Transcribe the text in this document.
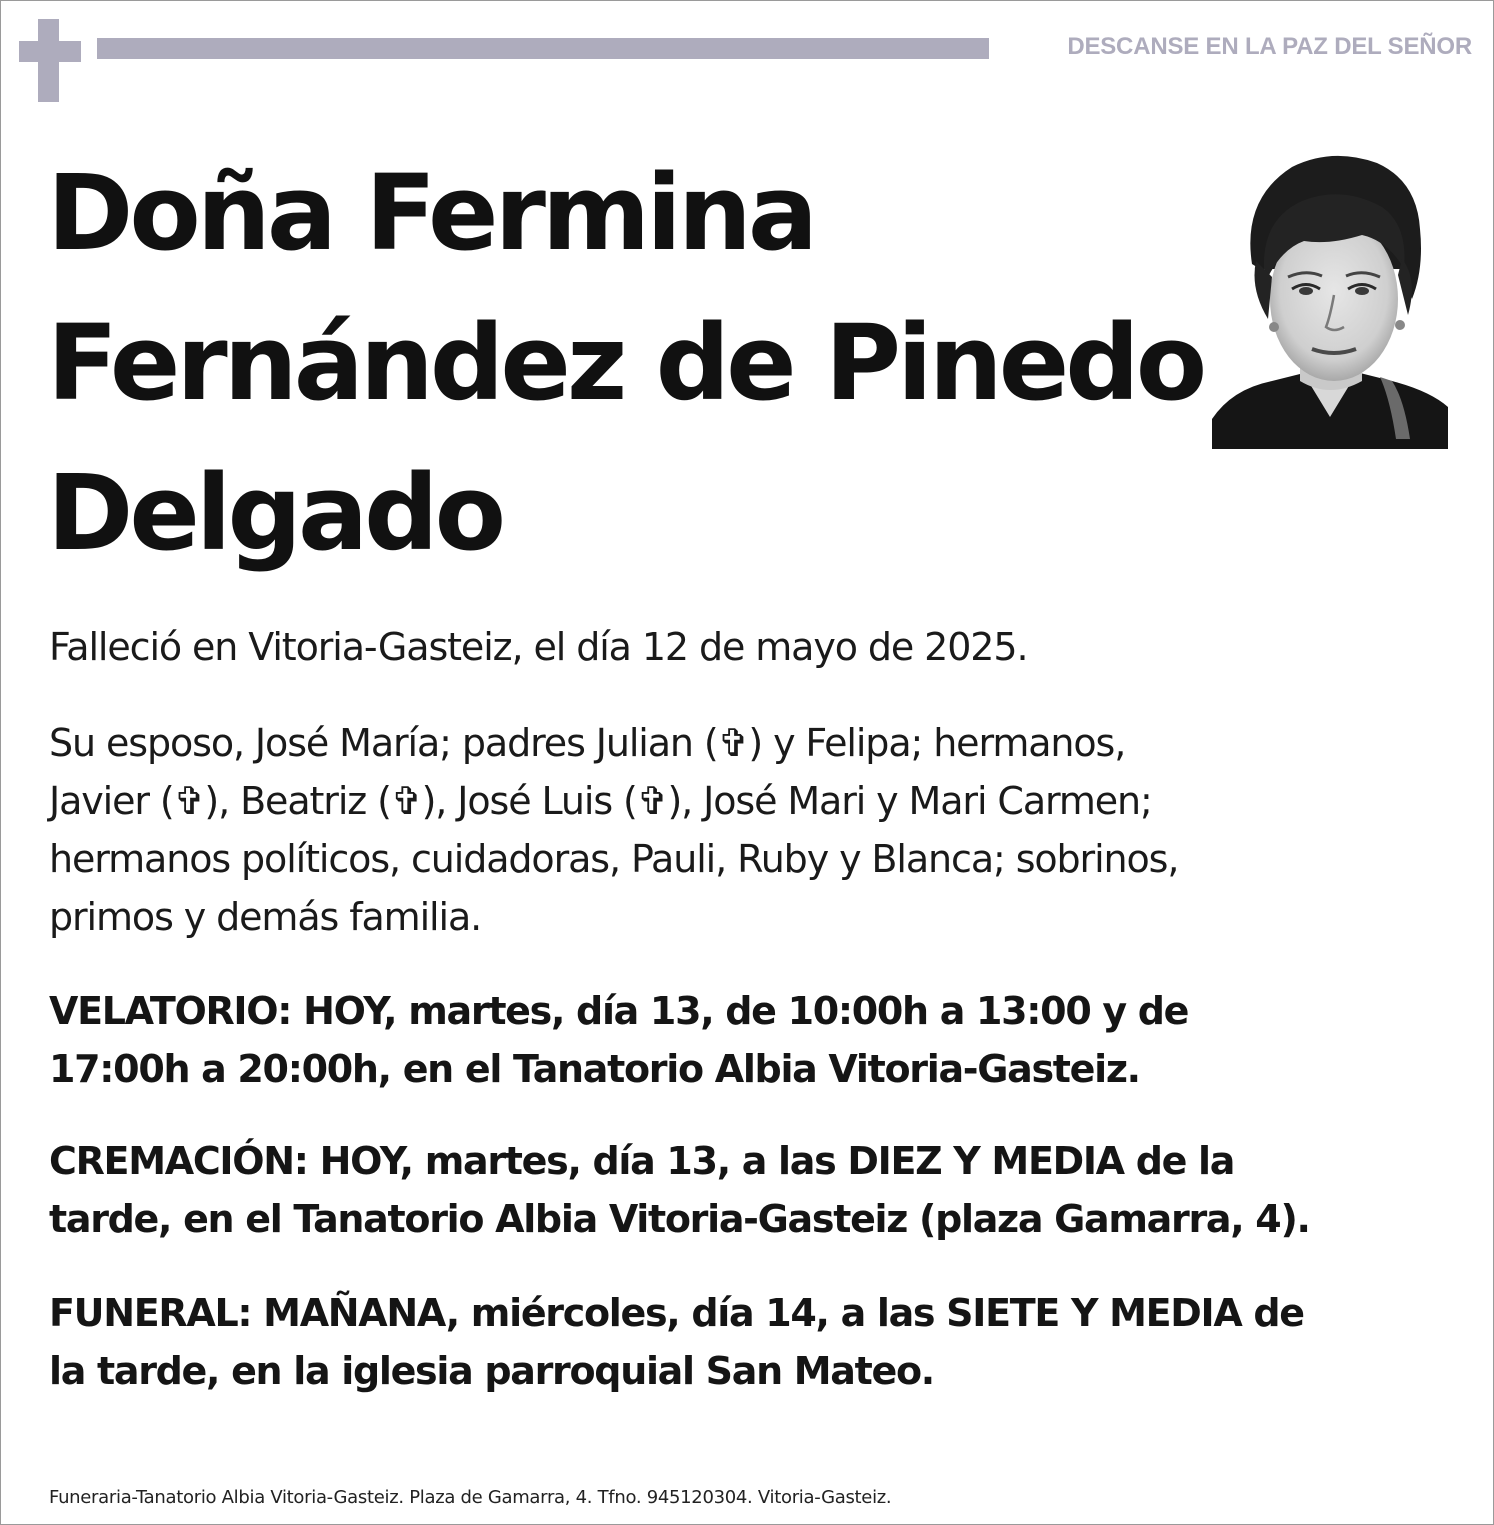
DESCANSE EN LA PAZ DEL SEÑOR
Doña Fermina
Fernández de Pinedo
Delgado
Falleció en Vitoria-Gasteiz, el día 12 de mayo de 2025.
Su esposo, José María; padres Julian (✞) y Felipa; hermanos,
Javier (✞), Beatriz (✞), José Luis (✞), José Mari y Mari Carmen;
hermanos políticos, cuidadoras, Pauli, Ruby y Blanca; sobrinos,
primos y demás familia.
VELATORIO: HOY, martes, día 13, de 10:00h a 13:00 y de
17:00h a 20:00h, en el Tanatorio Albia Vitoria-Gasteiz.
CREMACIÓN: HOY, martes, día 13, a las DIEZ Y MEDIA de la
tarde, en el Tanatorio Albia Vitoria-Gasteiz (plaza Gamarra, 4).
FUNERAL: MAÑANA, miércoles, día 14, a las SIETE Y MEDIA de
la tarde, en la iglesia parroquial San Mateo.
Funeraria-Tanatorio Albia Vitoria-Gasteiz. Plaza de Gamarra, 4. Tfno. 945120304. Vitoria-Gasteiz.
